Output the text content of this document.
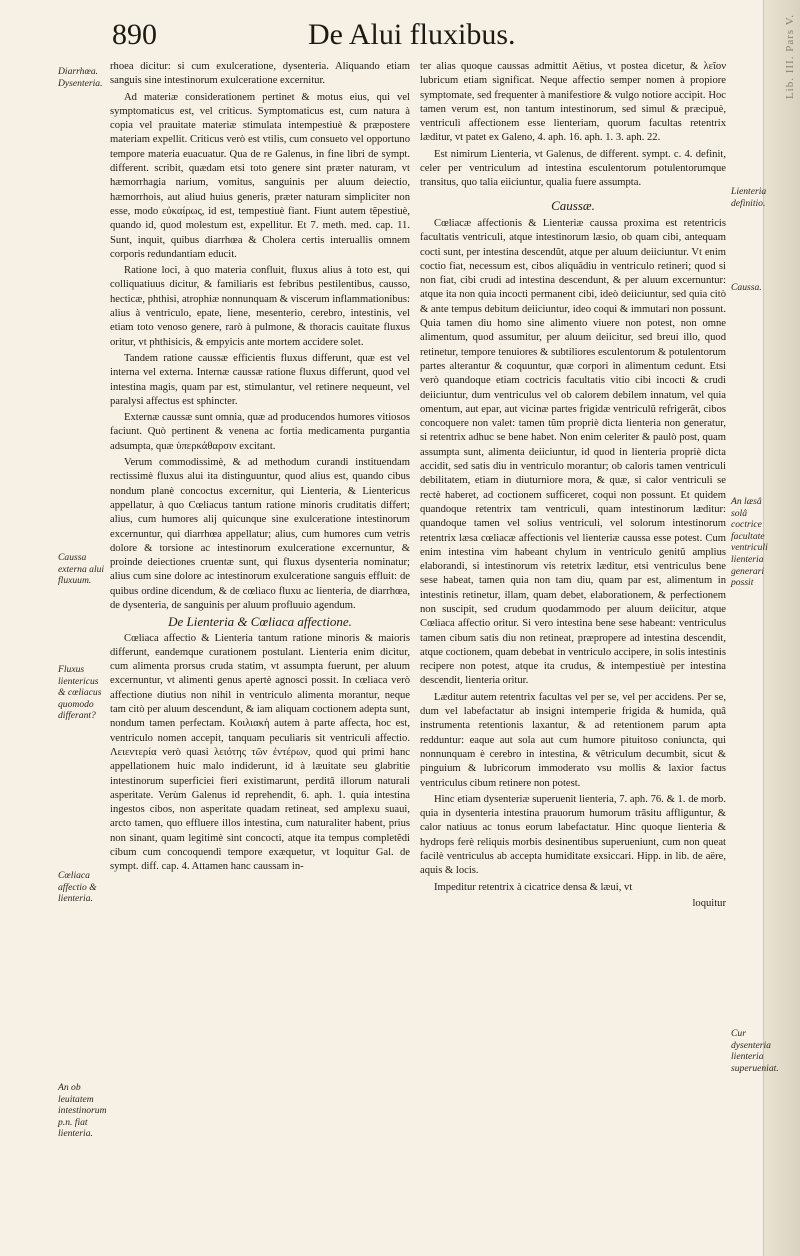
Lib. III. Pars V.
890	De Alui fluxibus.
Diarrhœa. Dysenteria.
Caussa externa alui fluxuum.
Fluxus lientericus & cœliacus quomodo differant?
Cœliaca affectio & lienteria.
An ob leuitatem intestinorum p.n. fiat lienteria.
Lienteria definitio.
Caussa.
An læsâ solâ coctrice facultate ventriculi lienteria generari possit
Cur dysenteria lienteria superueniat.

rhoea dicitur: si cum exulceratione, dysenteria. Aliquando etiam sanguis sine intestinorum exulceratione excernitur.

Ad materiæ considerationem pertinet & motus eius, qui vel symptomaticus est, vel criticus. Symptomaticus est, cum natura à copia vel prauitate materiæ stimulata intempestiuè & præpostere materiam expellit. Criticus verò est vtilis, cum consueto vel opportuno tempore materia euacuatur. Qua de re Galenus, in fine libri de sympt. different. scribit, quædam etsi toto genere sint præter naturam, vt hæmorrhagia narium, vomitus, sanguinis per aluum deiectio, hæmorrhois, aut aliud huius generis, præter naturam simpliciter non esse, modo εὐκαίρως, id est, tempestiuè fiant. Fiunt autem tẽpestiuè, quando id, quod molestum est, expellitur. Et 7. meth. med. cap. 11. Sunt, inquit, quibus diarrhœa & Cholera certis interuallis omnem corporis redundantiam educit.

Ratione loci, à quo materia confluit, fluxus alius à toto est, qui colliquatiuus dicitur, & familiaris est febribus pestilentibus, causso, hecticæ, phthisi, atrophiæ nonnunquam & viscerum inflammationibus: alius à ventriculo, epate, liene, mesenterio, cerebro, intestinis, vel etiam toto venoso genere, rarò à pulmone, & thoracis cauitate fluxus oritur, vt phthisicis, & empyicis ante mortem accidere solet.

Tandem ratione caussæ efficientis fluxus differunt, quæ est vel interna vel externa. Internæ caussæ ratione fluxus differunt, quod vel intestina magis, quam par est, stimulantur, vel retinere nequeunt, vel paralysi affectus est sphincter.

Externæ caussæ sunt omnia, quæ ad producendos humores vitiosos faciunt. Quò pertinent & venena ac fortia medicamenta purgantia adsumpta, quæ ὑπερκάθαρσιν excitant.

Verum commodissimè, & ad methodum curandi instituendam rectissimè fluxus alui ita distinguuntur, quod alius est, quando cibus nondum planè concoctus excernitur, qui Lienteria, & Lientericus appellatur, à quo Cœliacus tantum ratione minoris cruditatis differt; alius, cum humores alij quicunque sine exulceratione intestinorum excernuntur, qui diarrhœa appellatur; alius, cum humores cum vetris dolore & torsione ac intestinorum exulceratione excernuntur, & proinde deiectiones cruentæ sunt, qui fluxus dysenteria nominatur; alius cum sine dolore ac intestinorum exulceratione sanguis effluit: de quibus ordine dicendum, & de cœliaco fluxu ac lienteria, de diarrhœa, de dysenteria, de sanguinis per aluum profluuio agendum.

De Lienteria & Cœliaca affectione.

Cœliaca affectio & Lienteria tantum ratione minoris & maioris differunt, eandemque curationem postulant. Lienteria enim dicitur, cum alimenta prorsus cruda statim, vt assumpta fuerunt, per aluum excernuntur, vt alimenti genus apertè agnosci possit. In cœliaca verò affectione diutius non nihil in ventriculo alimenta morantur, neque tam citò per aluum descendunt, & iam aliquam coctionem adepta sunt, nondum tamen perfectam. Κοιλιακὴ autem à parte affecta, hoc est, ventriculo nomen accepit, tanquam peculiaris sit ventriculi affectio. Λειεντερία verò quasi λειότης τῶν ἐντέρων, quod qui primi hanc appellationem huic malo indiderunt, id à læuitate seu glabritie intestinorum superficiei fieri existimarunt, perditâ illorum naturali asperitate. Verùm Galenus id reprehendit, 6. aph. 1. quia intestina ingestos cibos, non asperitate quadam retineat, sed amplexu suaui, arcto tamen, quo effluere illos intestina, cum naturaliter habent, prius non sinant, quam legitimè sint concocti, atque ita tempus completẽdi cibum cum concoquendi tempore exæquetur, vt loquitur Gal. de sympt. diff. cap. 4. Attamen hanc caussam in-

ter alias quoque caussas admittit Aëtius, vt postea dicetur, & λεῖον lubricum etiam significat. Neque affectio semper nomen à propiore symptomate, sed frequenter à manifestiore & vulgo notiore accipit. Hoc tamen verum est, non tantum intestinorum, sed simul & præcipuè, ventriculi affectionem esse lienteriam, quorum facultas retentrix læditur, vt patet ex Galeno, 4. aph. 16. aph. 1. 3. aph. 22.

Est nimirum Lienteria, vt Galenus, de different. sympt. c. 4. definit, celer per ventriculum ad intestina esculentorum potulentorumque transitus, quo talia eiiciuntur, qualia fuere assumpta.

Caussæ.

Cœliacæ affectionis & Lienteriæ caussa proxima est retentricis facultatis ventriculi, atque intestinorum læsio, ob quam cibi, antequam cocti sunt, per intestina descendũt, atque per aluum deiiciuntur. Vt enim coctio fiat, necessum est, cibos aliquãdiu in ventriculo retineri; quod si non fiat, cibi crudi ad intestina descendunt, & per aluum excernuntur: atque ita non quia incocti permanent cibi, ideò deiiciuntur, sed quia citò & ante tempus debitum deiiciuntur, ideo coqui & immutari non possunt. Quia tamen diu homo sine alimento viuere non potest, non omne alimentum, quod assumitur, per aluum deiicitur, sed breui illo, quod retinetur, tempore tenuiores & subtiliores esculentorum & potulentorum partes alterantur & coquuntur, quæ corpori in alimentum cedunt. Etsi verò quandoque etiam coctricis facultatis vitio cibi incocti & crudi deiiciuntur, dum ventriculus vel ob calorem debilem innatum, vel quia omentum, aut epar, aut vicinæ partes frigidæ ventriculũ refrigerãt, cibos concoquere non valet: tamen tũm propriè dicta lienteria non generatur, si retentrix adhuc se bene habet. Non enim celeriter & paulò post, quam assumpta sunt, alimenta deiiciuntur, id quod in lienteria propriè dicta accidit, sed satis diu in ventriculo morantur; ob caloris tamen ventriculi debilitatem, etiam in diuturniore mora, & quæ, si calor ventriculi se rectè haberet, ad coctionem sufficeret, coqui non possunt. Et quidem quandoque retentrix tam ventriculi, quam intestinorum læditur: quandoque tamen vel solius ventriculi, vel solorum intestinorum retentrix læsa cœliacæ affectionis vel lienteriæ caussa esse potest. Cum enim intestina vim habeant chylum in ventriculo genitũ amplius elaborandi, si intestinorum vis retetrix læditur, etsi ventriculus bene sese habeat, tamen quia non tam diu, quam par est, alimentum in intestinis retinetur, illam, quam debet, elaborationem, & perfectionem non suscipit, sed crudum quodammodo per aluum deiicitur, atque Cœliaca affectio oritur. Si vero intestina bene sese habeant: ventriculus tamen cibum satis diu non retineat, præpropere ad intestina descendit, atque coctionem, quam debebat in ventriculo accipere, in solis intestinis recipere non potest, atque ita crudus, & intempestiuè per intestina descendit, lienteria oritur.

Læditur autem retentrix facultas vel per se, vel per accidens. Per se, dum vel labefactatur ab insigni intemperie frigida & humida, quâ instrumenta retentionis laxantur, & ad retentionem parum apta redduntur: eaque aut sola aut cum humore pituitoso coniuncta, qui nonnunquam è cerebro in intestina, & vẽtriculum decumbit, sicut & pinguium & lubricorum immoderato vsu mollis & laxior factus ventriculus cibum retinere non potest.

Hinc etiam dysenteriæ superuenit lienteria, 7. aph. 76. & 1. de morb. quia in dysenteria intestina prauorum humorum trãsitu affliguntur, & calor natiuus ac tonus eorum labefactatur. Hinc quoque lienteria & hydrops ferè reliquis morbis desinentibus superueniunt, cum non queat facilè ventriculus ab accepta humiditate exsiccari. Hipp. in lib. de aëre, aquis & locis.

Impeditur retentrix à cicatrice densa & læui, vt

loquitur
